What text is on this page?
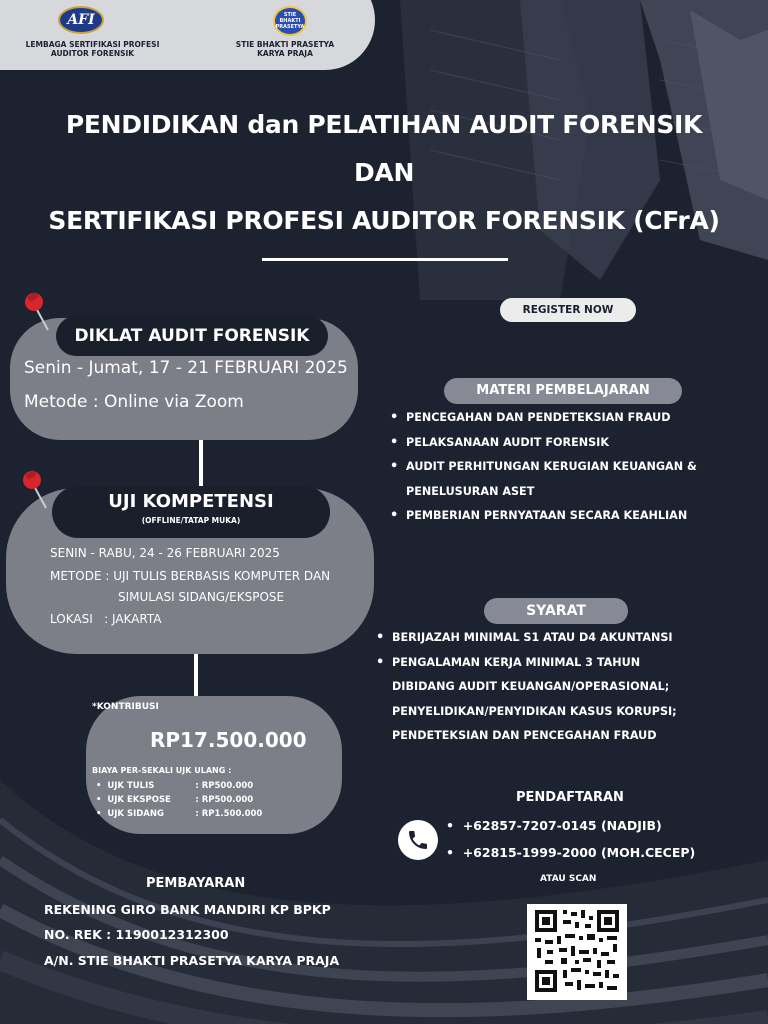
AFI
LEMBAGA SERTIFIKASI PROFESI
AUDITOR FORENSIK
STIE BHAKTI PRASETYA
STIE BHAKTI PRASETYA
KARYA PRAJA
PENDIDIKAN dan PELATIHAN AUDIT FORENSIK
DAN
SERTIFIKASI PROFESI AUDITOR FORENSIK (CFrA)
DIKLAT AUDIT FORENSIK
Senin - Jumat, 17 - 21 FEBRUARI 2025
Metode : Online via Zoom
UJI KOMPETENSI
(OFFLINE/TATAP MUKA)
SENIN - RABU, 24 - 26 FEBRUARI 2025
METODE : UJI TULIS BERBASIS KOMPUTER DAN
SIMULASI SIDANG/EKSPOSE
LOKASI   : JAKARTA
*KONTRIBUSI
RP17.500.000
BIAYA PER-SEKALI UJK ULANG :
•  UJK TULIS	: RP500.000
•  UJK EKSPOSE	: RP500.000
•  UJK SIDANG	: RP1.500.000
REGISTER NOW
MATERI PEMBELAJARAN
• PENCEGAHAN DAN PENDETEKSIAN FRAUD
• PELAKSANAAN AUDIT FORENSIK
• AUDIT PERHITUNGAN KERUGIAN KEUANGAN &
PENELUSURAN ASET
• PEMBERIAN PERNYATAAN SECARA KEAHLIAN
SYARAT
• BERIJAZAH MINIMAL S1 ATAU D4 AKUNTANSI
• PENGALAMAN KERJA MINIMAL 3 TAHUN
DIBIDANG AUDIT KEUANGAN/OPERASIONAL;
PENYELIDIKAN/PENYIDIKAN KASUS KORUPSI;
PENDETEKSIAN DAN PENCEGAHAN FRAUD
PENDAFTARAN
•  +62857-7207-0145 (NADJIB)
•  +62815-1999-2000 (MOH.CECEP)
ATAU SCAN
PEMBAYARAN
REKENING GIRO BANK MANDIRI KP BPKP
NO. REK : 1190012312300
A/N. STIE BHAKTI PRASETYA KARYA PRAJA
